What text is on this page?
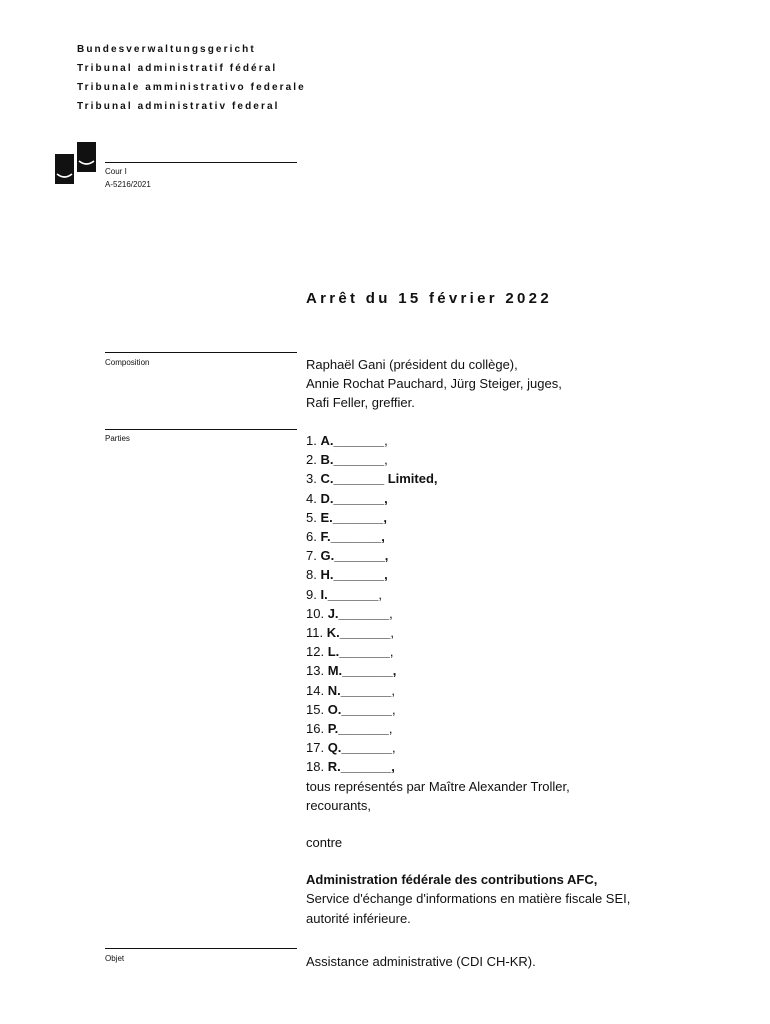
Bundesverwaltungsgericht
Tribunal administratif fédéral
Tribunale amministrativo federale
Tribunal administrativ federal
Cour I
A-5216/2021
Arrêt du 15 février 2022
Composition	Raphaël Gani (président du collège),
Annie Rochat Pauchard, Jürg Steiger, juges,
Rafi Feller, greffier.
Parties	1. A._______,
2. B._______,
3. C._______ Limited,
4. D._______,
5. E._______,
6. F._______,
7. G._______,
8. H._______,
9. I._______,
10. J._______,
11. K._______,
12. L._______,
13. M._______,
14. N._______,
15. O._______,
16. P._______,
17. Q._______,
18. R._______,
tous représentés par Maître Alexander Troller,
recourants,
contre
Administration fédérale des contributions AFC,
Service d'échange d'informations en matière fiscale SEI,
autorité inférieure.
Objet	Assistance administrative (CDI CH-KR).
